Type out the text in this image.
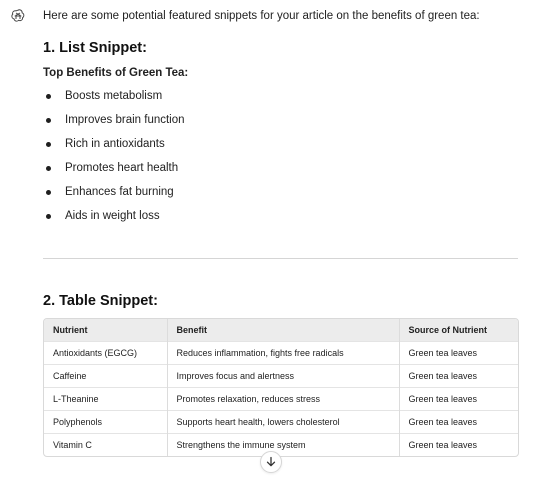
Here are some potential featured snippets for your article on the benefits of green tea:
1. List Snippet:
Top Benefits of Green Tea:
Boosts metabolism
Improves brain function
Rich in antioxidants
Promotes heart health
Enhances fat burning
Aids in weight loss
2. Table Snippet:
Nutrient	Benefit	Source of Nutrient
Antioxidants (EGCG)	Reduces inflammation, fights free radicals	Green tea leaves
Caffeine	Improves focus and alertness	Green tea leaves
L-Theanine	Promotes relaxation, reduces stress	Green tea leaves
Polyphenols	Supports heart health, lowers cholesterol	Green tea leaves
Vitamin C	Strengthens the immune system	Green tea leaves
